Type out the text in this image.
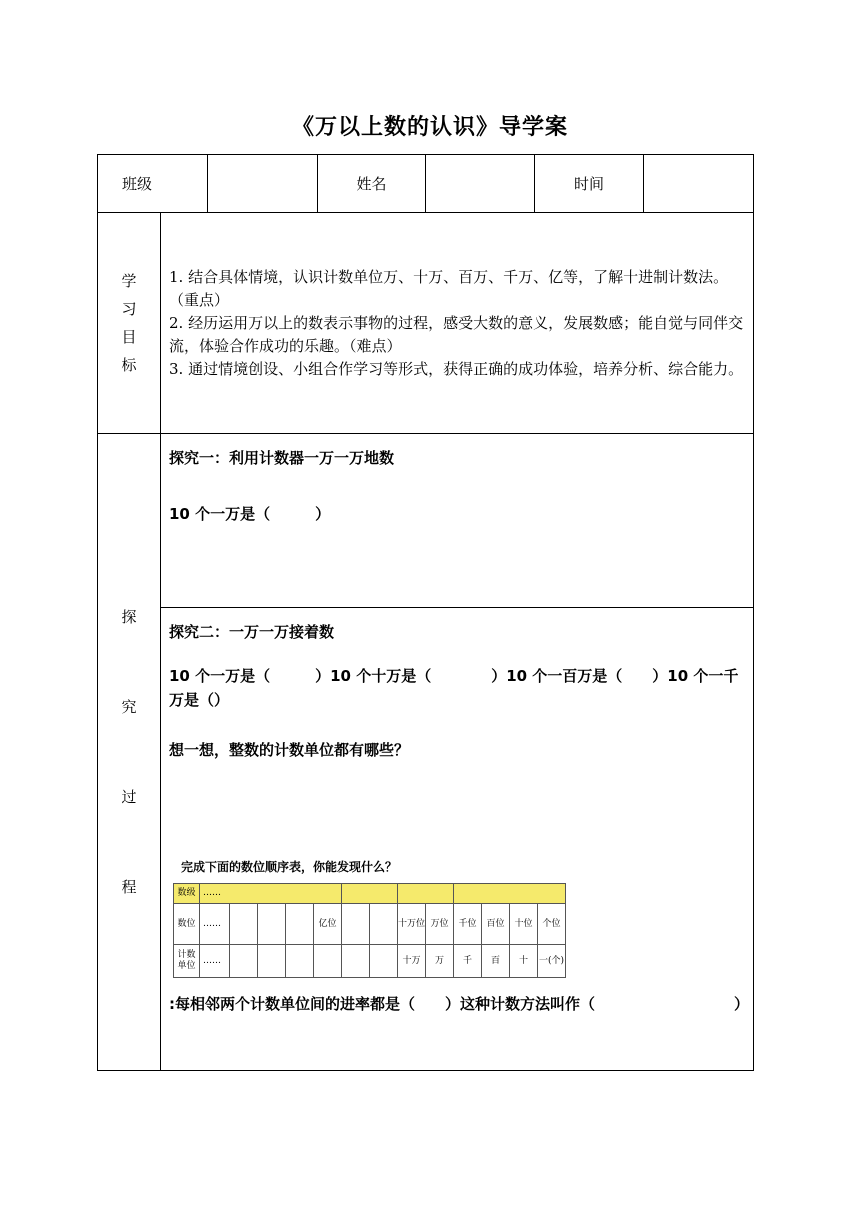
《万以上数的认识》导学案
班级		姓名		时间	

学
习
目
标

1. 结合具体情境，认识计数单位万、十万、百万、千万、亿等，了解十进制计数法。（重点）

2. 经历运用万以上的数表示事物的过程，感受大数的意义，发展数感；能自觉与同伴交流，体验合作成功的乐趣。（难点）

3. 通过情境创设、小组合作学习等形式，获得正确的成功体验，培养分析、综合能力。

探
究
过
程

探究一：利用计数器一万一万地数
10 个一万是（　　　）

探究二：一万一万接着数
10 个一万是（　　　）10 个十万是（　　　　）10 个一百万是（　　）10 个一千万是（）
想一想，整数的计数单位都有哪些？
完成下面的数位顺序表，你能发现什么？
数级	……			
数位	……				亿位			十万位	万位	千位	百位	十位	个位
计数单位	……							十万	万	千	百	十	一(个)
:每相邻两个计数单位间的进率都是（　　）这种计数方法叫作（	）
